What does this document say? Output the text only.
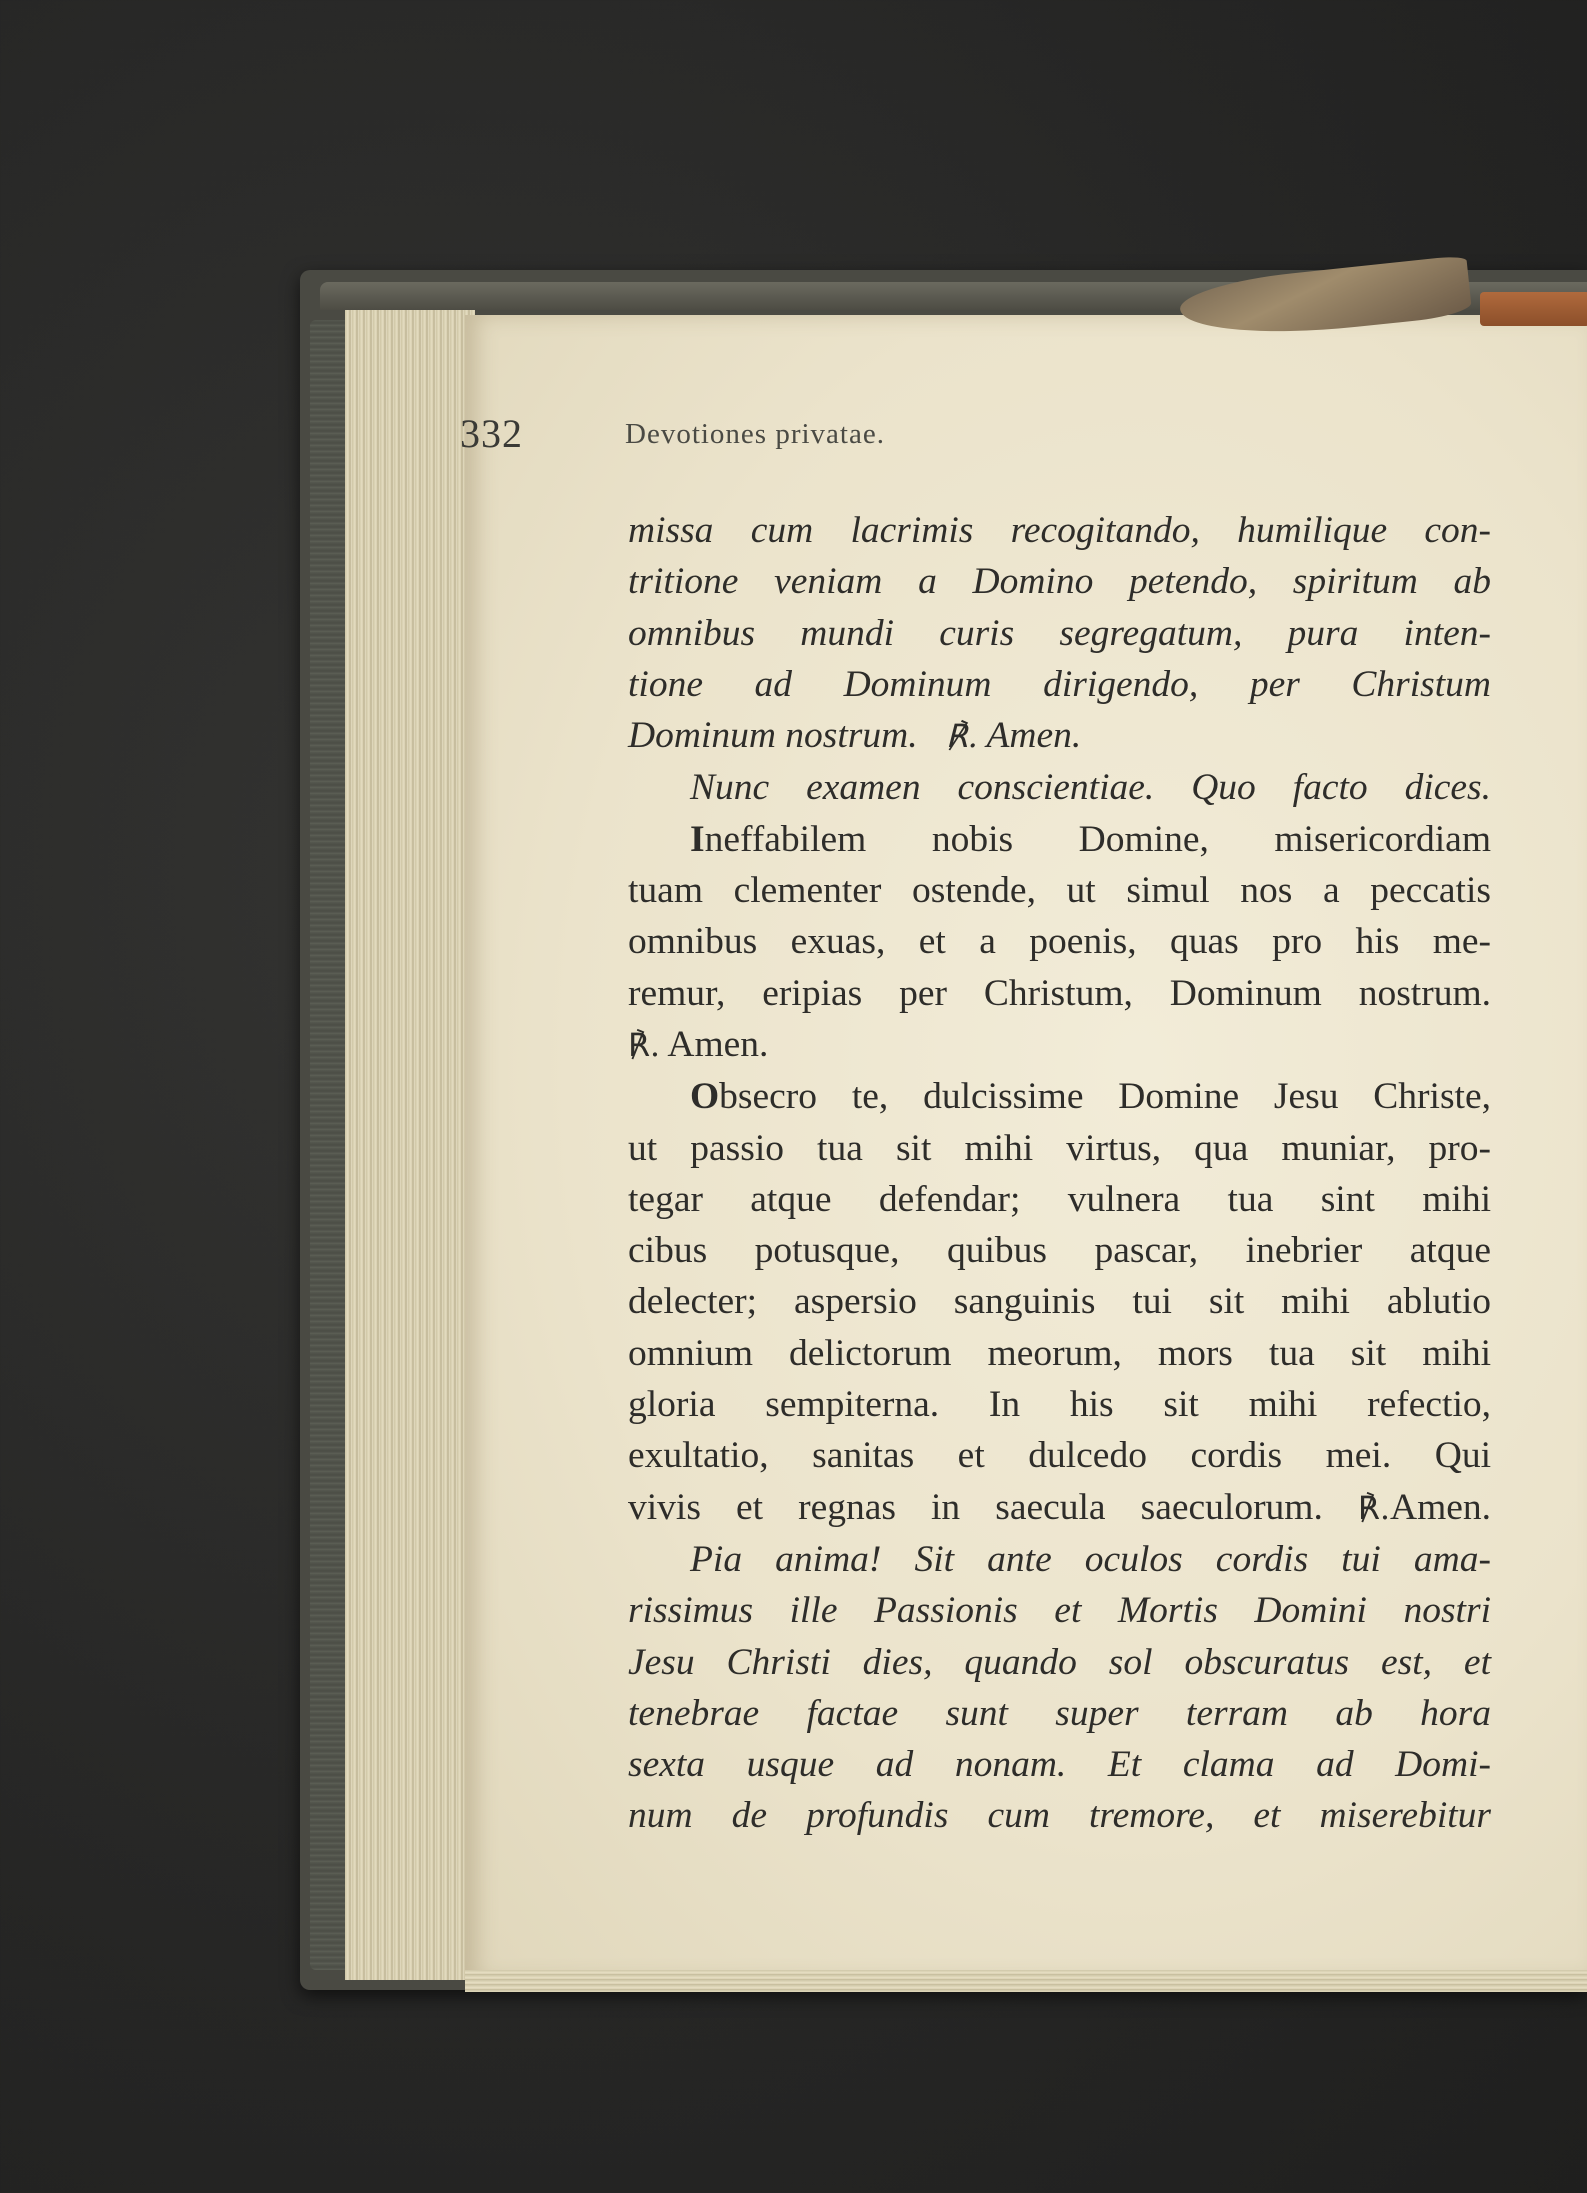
332	Devotiones privatae.

missa cum lacrimis recogitando, humilique con-

tritione veniam a Domino petendo, spiritum ab

omnibus mundi curis segregatum, pura inten-

tione ad Dominum dirigendo, per Christum

Dominum nostrum. ℟. Amen.

Nunc examen conscientiae. Quo facto dices.

Ineffabilem nobis Domine, misericordiam

tuam clementer ostende, ut simul nos a peccatis

omnibus exuas, et a poenis, quas pro his me-

remur, eripias per Christum, Dominum nostrum.

℟. Amen.

Obsecro te, dulcissime Domine Jesu Christe,

ut passio tua sit mihi virtus, qua muniar, pro-

tegar atque defendar; vulnera tua sint mihi

cibus potusque, quibus pascar, inebrier atque

delecter; aspersio sanguinis tui sit mihi ablutio

omnium delictorum meorum, mors tua sit mihi

gloria sempiterna. In his sit mihi refectio,

exultatio, sanitas et dulcedo cordis mei. Qui

vivis et regnas in saecula saeculorum. ℟.Amen.

Pia anima! Sit ante oculos cordis tui ama-

rissimus ille Passionis et Mortis Domini nostri

Jesu Christi dies, quando sol obscuratus est, et

tenebrae factae sunt super terram ab hora

sexta usque ad nonam. Et clama ad Domi-

num de profundis cum tremore, et miserebitur
